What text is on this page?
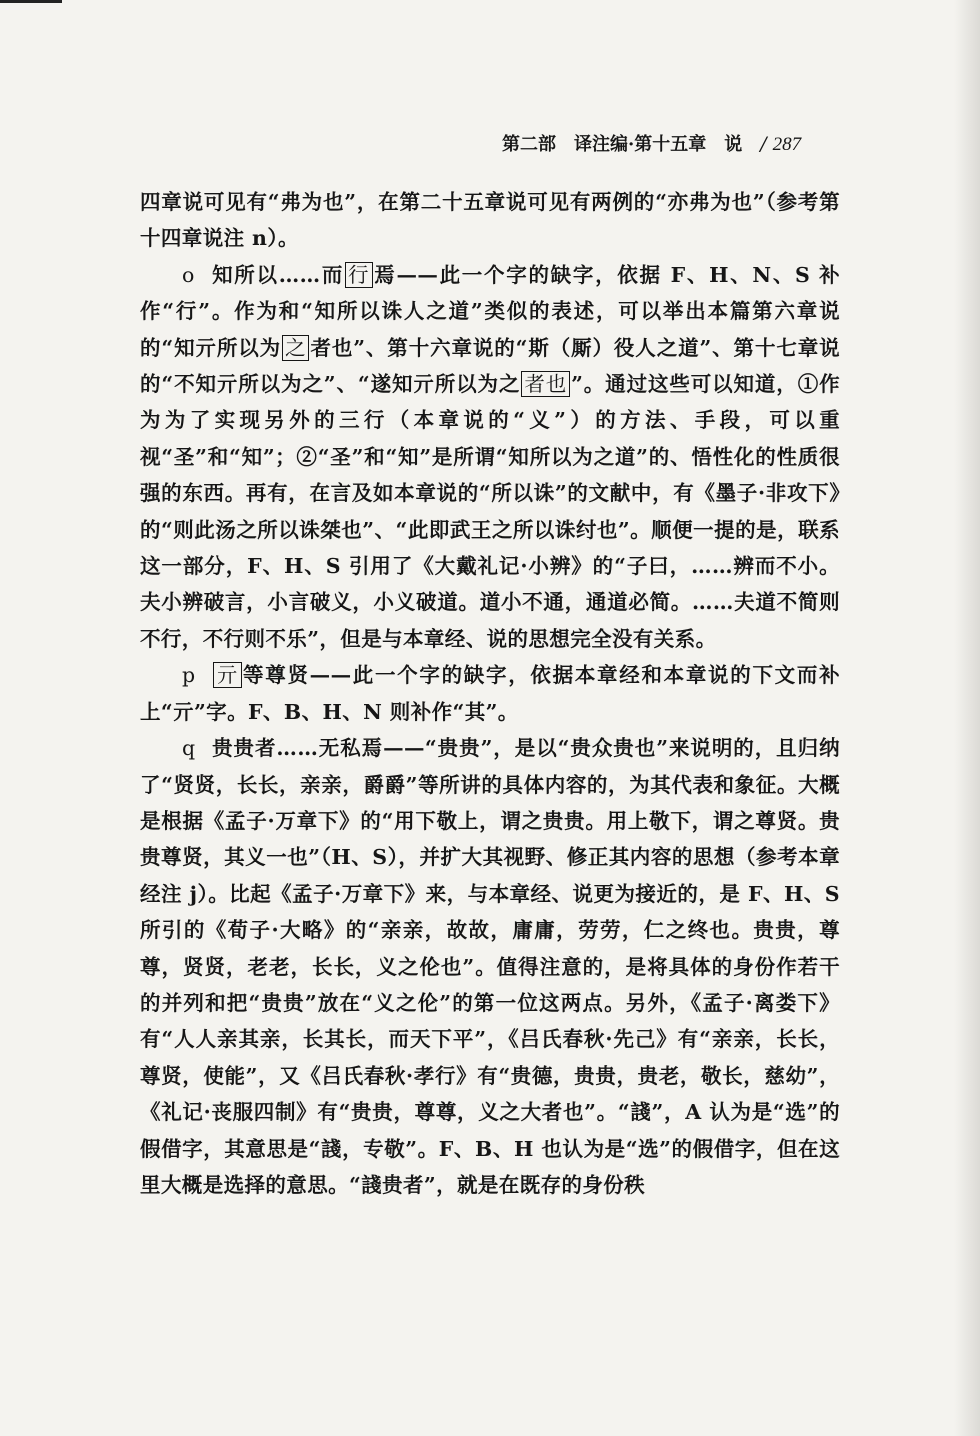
第二部　译注编·第十五章　说 / 287

四章说可见有“弗为也”，在第二十五章说可见有两例的“亦弗为也”（参考第十四章说注 n）。

o 知所以……而 行 焉——此一个字的缺字，依据 F、H、N、S 补作“行”。作为和“知所以诛人之道”类似的表述，可以举出本篇第六章说的“知亓所以为 之 者也”、第十六章说的“斯（厮）役人之道”、第十七章说的“不知亓所以为之”、“遂知亓所以为之 者也 ”。通过这些可以知道，①作为为了实现另外的三行（本章说的“义”）的方法、手段，可以重视“圣”和“知”；②“圣”和“知”是所谓“知所以为之道”的、悟性化的性质很强的东西。再有，在言及如本章说的“所以诛”的文献中，有《墨子·非攻下》的“则此汤之所以诛桀也”、“此即武王之所以诛纣也”。顺便一提的是，联系这一部分，F、H、S 引用了《大戴礼记·小辨》的“子曰，……辨而不小。夫小辨破言，小言破义，小义破道。道小不通，通道必简。……夫道不简则不行，不行则不乐”，但是与本章经、说的思想完全没有关系。

p 亓 等尊贤——此一个字的缺字，依据本章经和本章说的下文而补上“亓”字。F、B、H、N 则补作“其”。

q 贵贵者……无私焉——“贵贵”，是以“贵众贵也”来说明的，且归纳了“贤贤，长长，亲亲，爵爵”等所讲的具体内容的，为其代表和象征。大概是根据《孟子·万章下》的“用下敬上，谓之贵贵。用上敬下，谓之尊贤。贵贵尊贤，其义一也”（H、S），并扩大其视野、修正其内容的思想（参考本章经注 j）。比起《孟子·万章下》来，与本章经、说更为接近的，是 F、H、S 所引的《荀子·大略》的“亲亲，故故，庸庸，劳劳，仁之终也。贵贵，尊尊，贤贤，老老，长长，义之伦也”。值得注意的，是将具体的身份作若干的并列和把“贵贵”放在“义之伦”的第一位这两点。另外，《孟子·离娄下》有“人人亲其亲，长其长，而天下平”，《吕氏春秋·先己》有“亲亲，长长，尊贤，使能”，又《吕氏春秋·孝行》有“贵德，贵贵，贵老，敬长，慈幼”，《礼记·丧服四制》有“贵贵，尊尊，义之大者也”。“諓”，A 认为是“选”的假借字，其意思是“諓，专敬”。F、B、H 也认为是“选”的假借字，但在这里大概是选择的意思。“諓贵者”，就是在既存的身份秩
